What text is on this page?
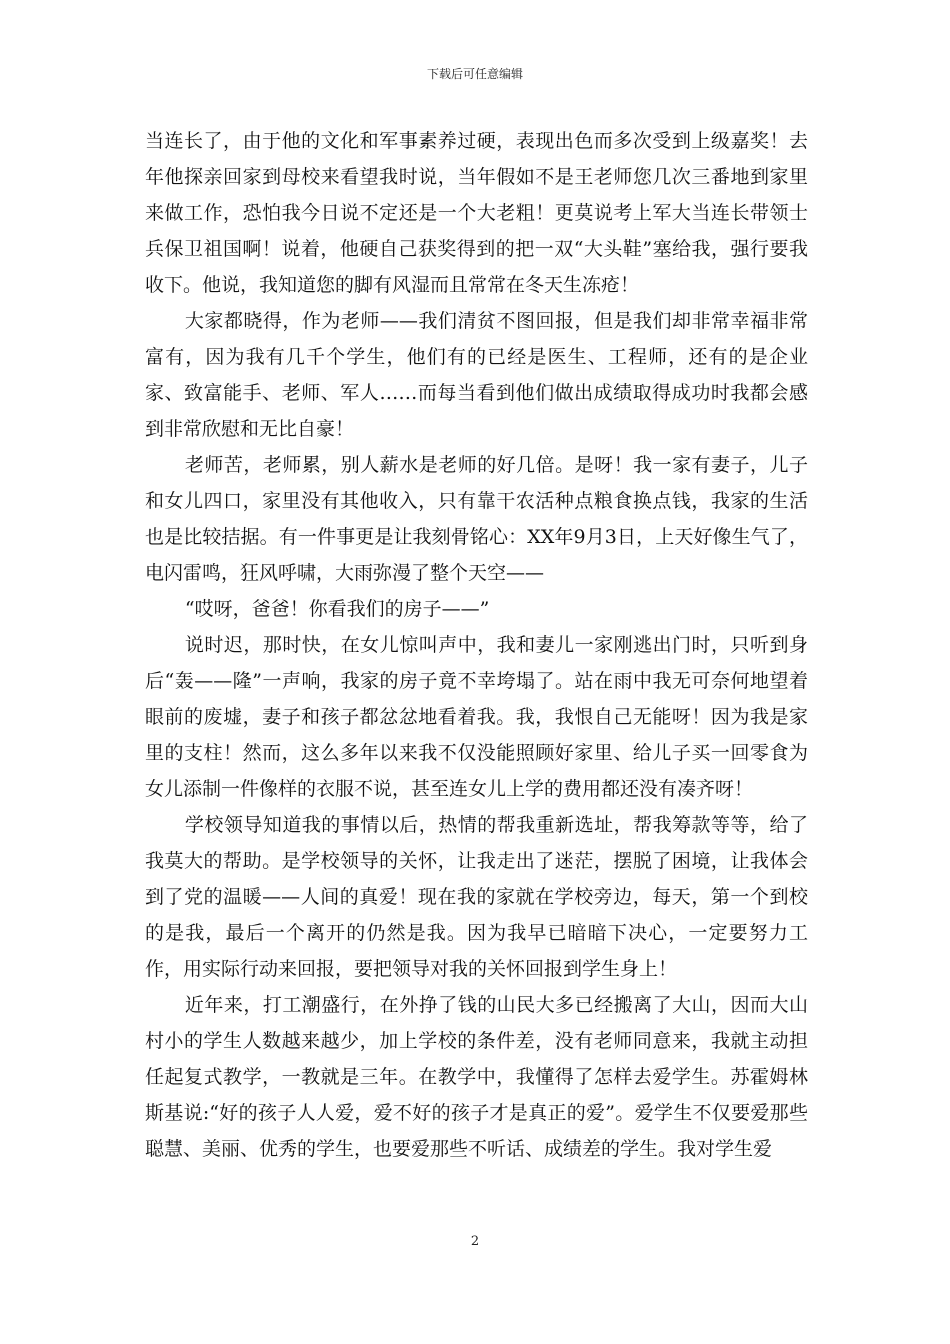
下载后可任意编辑

当连长了，由于他的文化和军事素养过硬，表现出色而多次受到上级嘉奖！去年他探亲回家到母校来看望我时说，当年假如不是王老师您几次三番地到家里来做工作，恐怕我今日说不定还是一个大老粗！更莫说考上军大当连长带领士兵保卫祖国啊！说着，他硬自己获奖得到的把一双“大头鞋”塞给我，强行要我收下。他说，我知道您的脚有风湿而且常常在冬天生冻疮！

大家都晓得，作为老师——我们清贫不图回报，但是我们却非常幸福非常富有，因为我有几千个学生，他们有的已经是医生、工程师，还有的是企业家、致富能手、老师、军人……而每当看到他们做出成绩取得成功时我都会感到非常欣慰和无比自豪！

老师苦，老师累，别人薪水是老师的好几倍。是呀！我一家有妻子，儿子和女儿四口，家里没有其他收入，只有靠干农活种点粮食换点钱，我家的生活也是比较拮据。有一件事更是让我刻骨铭心：XX年9月3日，上天好像生气了，电闪雷鸣，狂风呼啸，大雨弥漫了整个天空——

“哎呀，爸爸！你看我们的房子——”

说时迟，那时快，在女儿惊叫声中，我和妻儿一家刚逃出门时，只听到身后“轰——隆”一声响，我家的房子竟不幸垮塌了。站在雨中我无可奈何地望着眼前的废墟，妻子和孩子都忿忿地看着我。我，我恨自己无能呀！因为我是家里的支柱！然而，这么多年以来我不仅没能照顾好家里、给儿子买一回零食为女儿添制一件像样的衣服不说，甚至连女儿上学的费用都还没有凑齐呀！

学校领导知道我的事情以后，热情的帮我重新选址，帮我筹款等等，给了我莫大的帮助。是学校领导的关怀，让我走出了迷茫，摆脱了困境，让我体会到了党的温暖——人间的真爱！现在我的家就在学校旁边，每天，第一个到校的是我，最后一个离开的仍然是我。因为我早已暗暗下决心，一定要努力工作，用实际行动来回报，要把领导对我的关怀回报到学生身上！

近年来，打工潮盛行，在外挣了钱的山民大多已经搬离了大山，因而大山村小的学生人数越来越少，加上学校的条件差，没有老师同意来，我就主动担任起复式教学，一教就是三年。在教学中，我懂得了怎样去爱学生。苏霍姆林斯基说:“好的孩子人人爱，爱不好的孩子才是真正的爱”。爱学生不仅要爱那些聪慧、美丽、优秀的学生，也要爱那些不听话、成绩差的学生。我对学生爱

2
